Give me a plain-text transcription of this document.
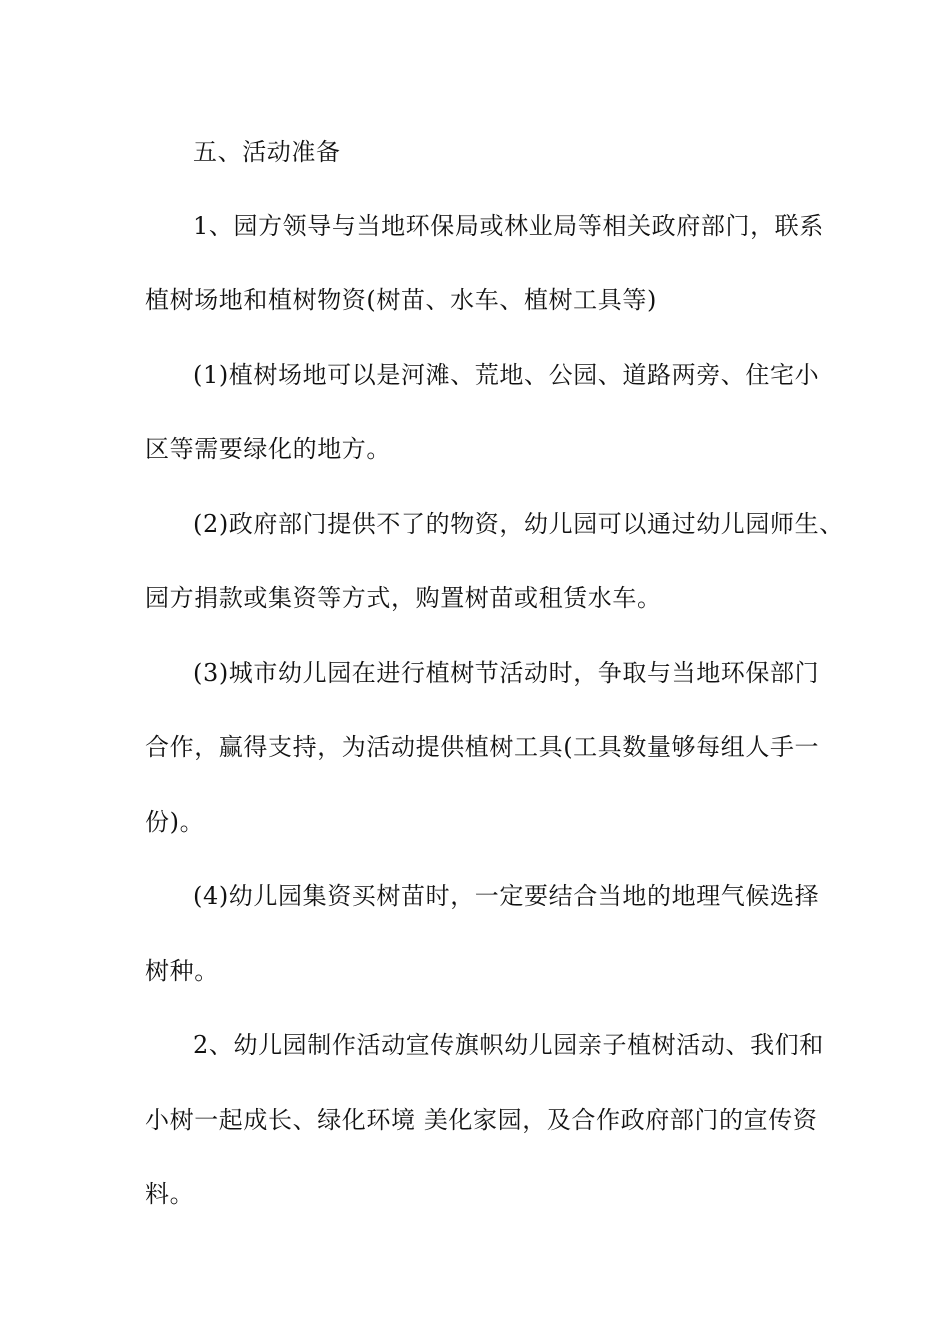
五、活动准备
1、园方领导与当地环保局或林业局等相关政府部门，联系
植树场地和植树物资(树苗、水车、植树工具等)
(1)植树场地可以是河滩、荒地、公园、道路两旁、住宅小
区等需要绿化的地方。
(2)政府部门提供不了的物资，幼儿园可以通过幼儿园师生、
园方捐款或集资等方式，购置树苗或租赁水车。
(3)城市幼儿园在进行植树节活动时，争取与当地环保部门
合作，赢得支持，为活动提供植树工具(工具数量够每组人手一
份)。
(4)幼儿园集资买树苗时，一定要结合当地的地理气候选择
树种。
2、幼儿园制作活动宣传旗帜幼儿园亲子植树活动、我们和
小树一起成长、绿化环境 美化家园，及合作政府部门的宣传资
料。
